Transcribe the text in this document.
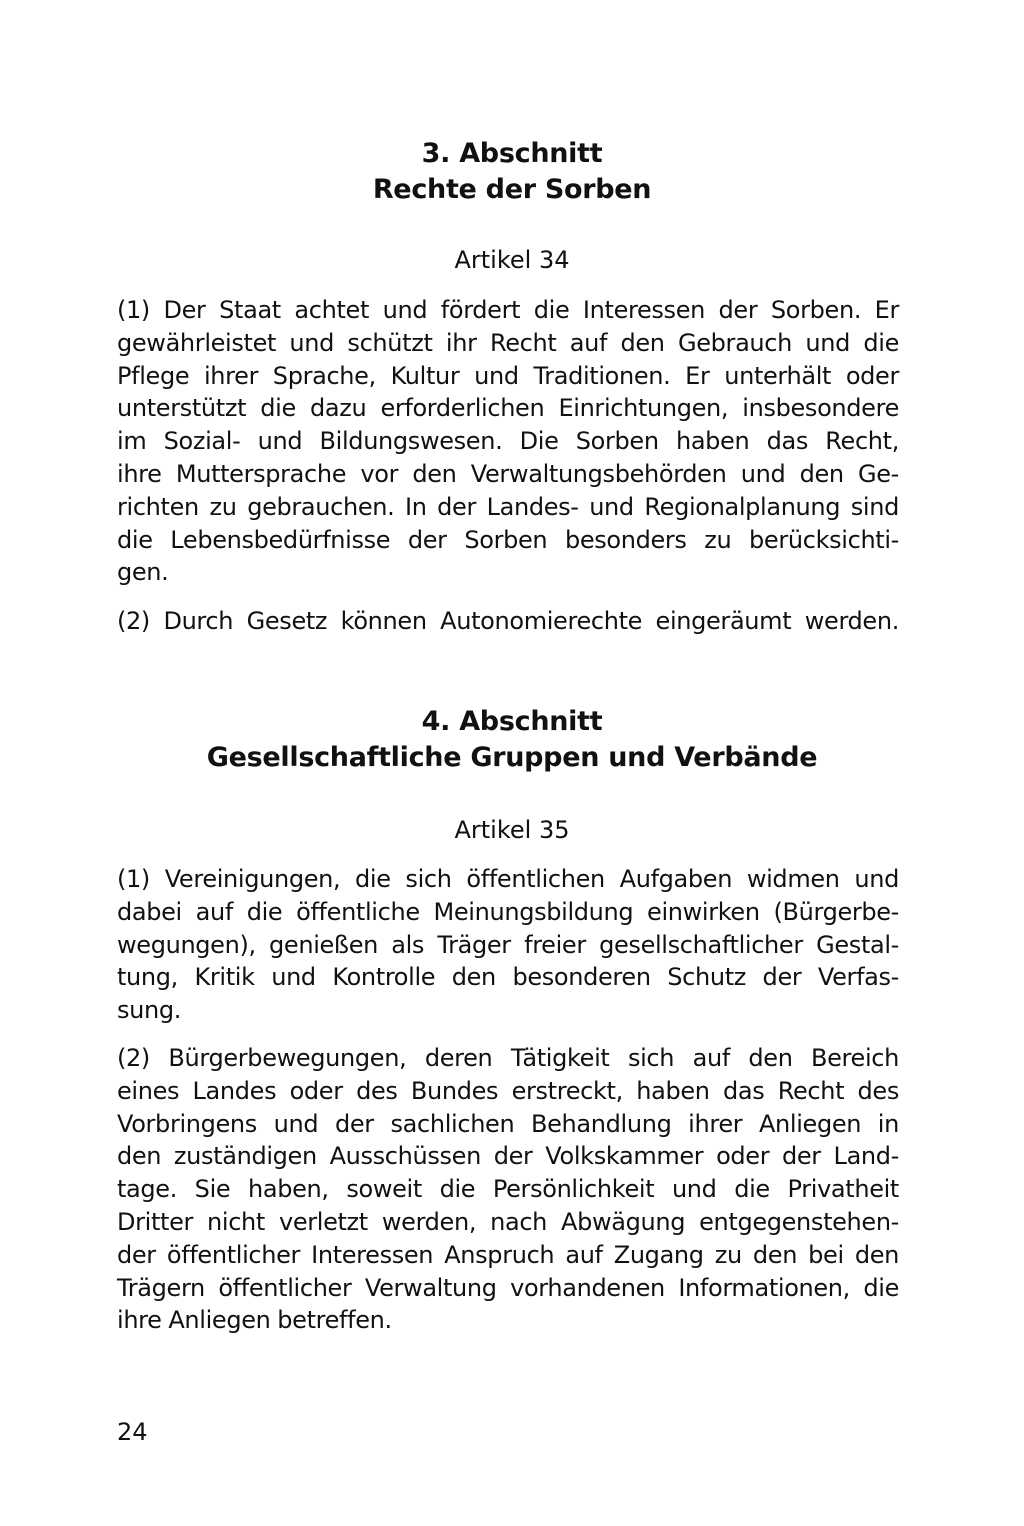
3. Abschnitt
Rechte der Sorben
Artikel 34
(1) Der Staat achtet und fördert die Interessen der Sorben. Er
gewährleistet und schützt ihr Recht auf den Gebrauch und die
Pflege ihrer Sprache, Kultur und Traditionen. Er unterhält oder
unterstützt die dazu erforderlichen Einrichtungen, insbesondere
im Sozial- und Bildungswesen. Die Sorben haben das Recht,
ihre Muttersprache vor den Verwaltungsbehörden und den Ge-
richten zu gebrauchen. In der Landes- und Regionalplanung sind
die Lebensbedürfnisse der Sorben besonders zu berücksichti-
gen.
(2) Durch Gesetz können Autonomierechte eingeräumt werden.
4. Abschnitt
Gesellschaftliche Gruppen und Verbände
Artikel 35
(1) Vereinigungen, die sich öffentlichen Aufgaben widmen und
dabei auf die öffentliche Meinungsbildung einwirken (Bürgerbe-
wegungen), genießen als Träger freier gesellschaftlicher Gestal-
tung, Kritik und Kontrolle den besonderen Schutz der Verfas-
sung.
(2) Bürgerbewegungen, deren Tätigkeit sich auf den Bereich
eines Landes oder des Bundes erstreckt, haben das Recht des
Vorbringens und der sachlichen Behandlung ihrer Anliegen in
den zuständigen Ausschüssen der Volkskammer oder der Land-
tage. Sie haben, soweit die Persönlichkeit und die Privatheit
Dritter nicht verletzt werden, nach Abwägung entgegenstehen-
der öffentlicher Interessen Anspruch auf Zugang zu den bei den
Trägern öffentlicher Verwaltung vorhandenen Informationen, die
ihre Anliegen betreffen.
24
